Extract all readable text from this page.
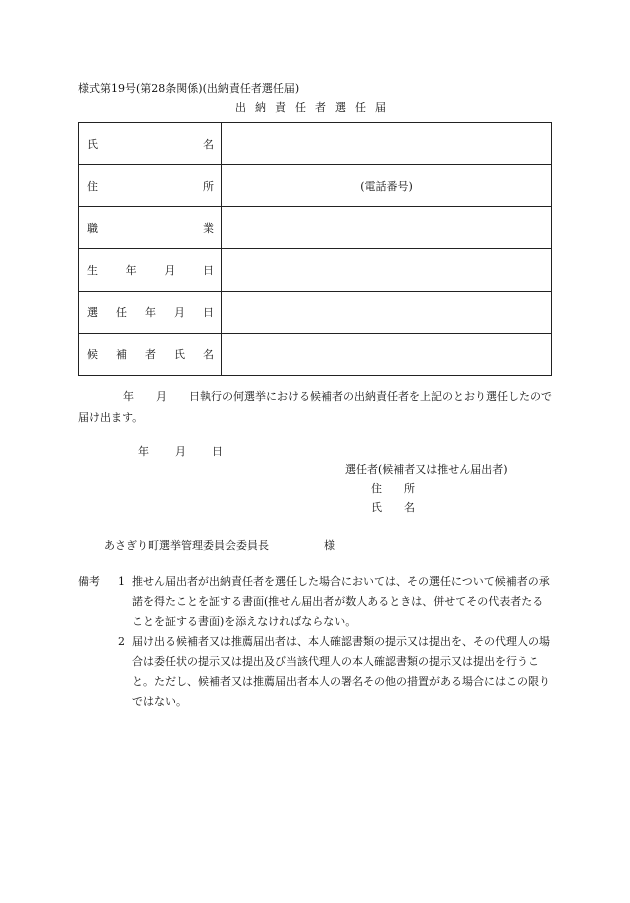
様式第19号(第28条関係)(出納責任者選任届)
出納責任者選任届
氏 名	

住 所	(電話番号)

職 業	

生 年 月 日	

選 任 年 月 日	

候 補 者 氏 名	

年　　月　　日執行の何選挙における候補者の出納責任者を上記のとおり選任したので届け出ます。
年 月 日
選任者(候補者又は推せん届出者)
住　　所
氏　　名
あさぎり町選挙管理委員会委員長　　　　　様
備考	1 推せん届出者が出納責任者を選任した場合においては、その選任について候補者の承諾を得たことを証する書面(推せん届出者が数人あるときは、併せてその代表者たることを証する書面)を添えなければならない。
2 届け出る候補者又は推薦届出者は、本人確認書類の提示又は提出を、その代理人の場合は委任状の提示又は提出及び当該代理人の本人確認書類の提示又は提出を行うこと。ただし、候補者又は推薦届出者本人の署名その他の措置がある場合にはこの限りではない。
